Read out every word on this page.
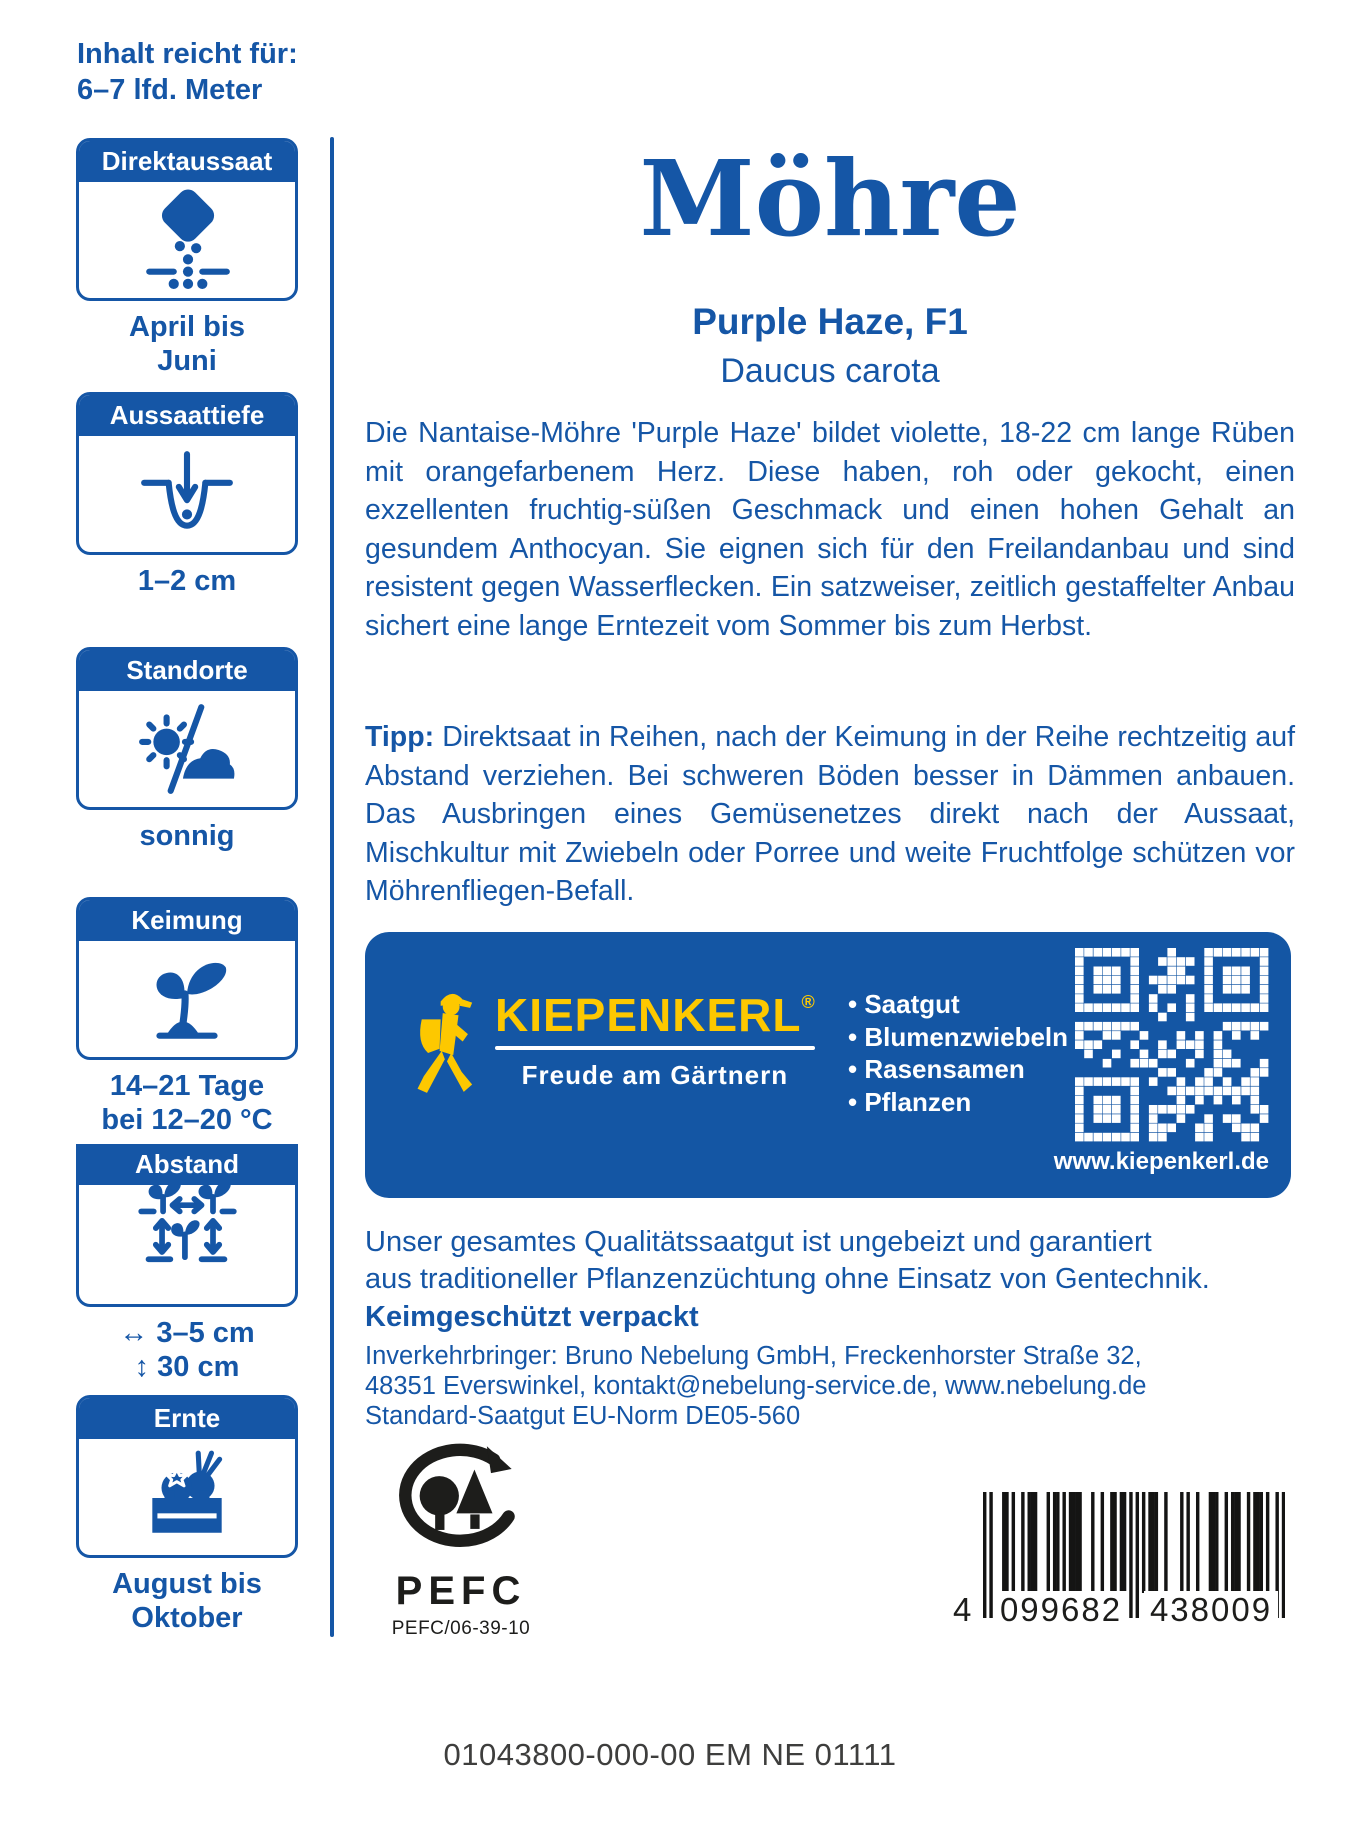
Inhalt reicht für:
6–7 lfd. Meter
Direktaussaat
April bis
Juni
Aussaattiefe
1–2 cm
Standorte
sonnig
Keimung
14–21 Tage
bei 12–20 °C
Abstand
↔ 3–5 cm
↕ 30 cm
Ernte
August bis
Oktober
Möhre
Purple Haze, F1
Daucus carota

Die Nantaise-Möhre 'Purple Haze' bildet violette, 18-22 cm lange Rüben mit orangefarbenem Herz. Diese haben, roh oder gekocht, einen exzellenten fruchtig-süßen Geschmack und einen hohen Gehalt an gesundem Anthocyan. Sie eignen sich für den Freilandanbau und sind resistent gegen Wasserflecken. Ein satzweiser, zeitlich gestaffelter Anbau sichert eine lange Erntezeit vom Sommer bis zum Herbst.

Tipp: Direktsaat in Reihen, nach der Keimung in der Reihe rechtzeitig auf Abstand verziehen. Bei schweren Böden besser in Dämmen anbauen. Das Ausbringen eines Gemüsenetzes direkt nach der Aussaat, Mischkultur mit Zwiebeln oder Porree und weite Fruchtfolge schützen vor Möhrenfliegen-Befall.

KIEPENKERL ®
Freude am Gärtnern
• Saatgut
• Blumenzwiebeln
• Rasensamen
• Pflanzen
www.kiepenkerl.de
Unser gesamtes Qualitätssaatgut ist ungebeizt und garantiert
aus traditioneller Pflanzenzüchtung ohne Einsatz von Gentechnik.
Keimgeschützt verpackt
Inverkehrbringer: Bruno Nebelung GmbH, Freckenhorster Straße 32,
48351 Everswinkel, kontakt@nebelung-service.de, www.nebelung.de
Standard-Saatgut EU-Norm DE05-560
PEFC
PEFC/06-39-10
4 099682 438009
01043800-000-00 EM NE 01111
